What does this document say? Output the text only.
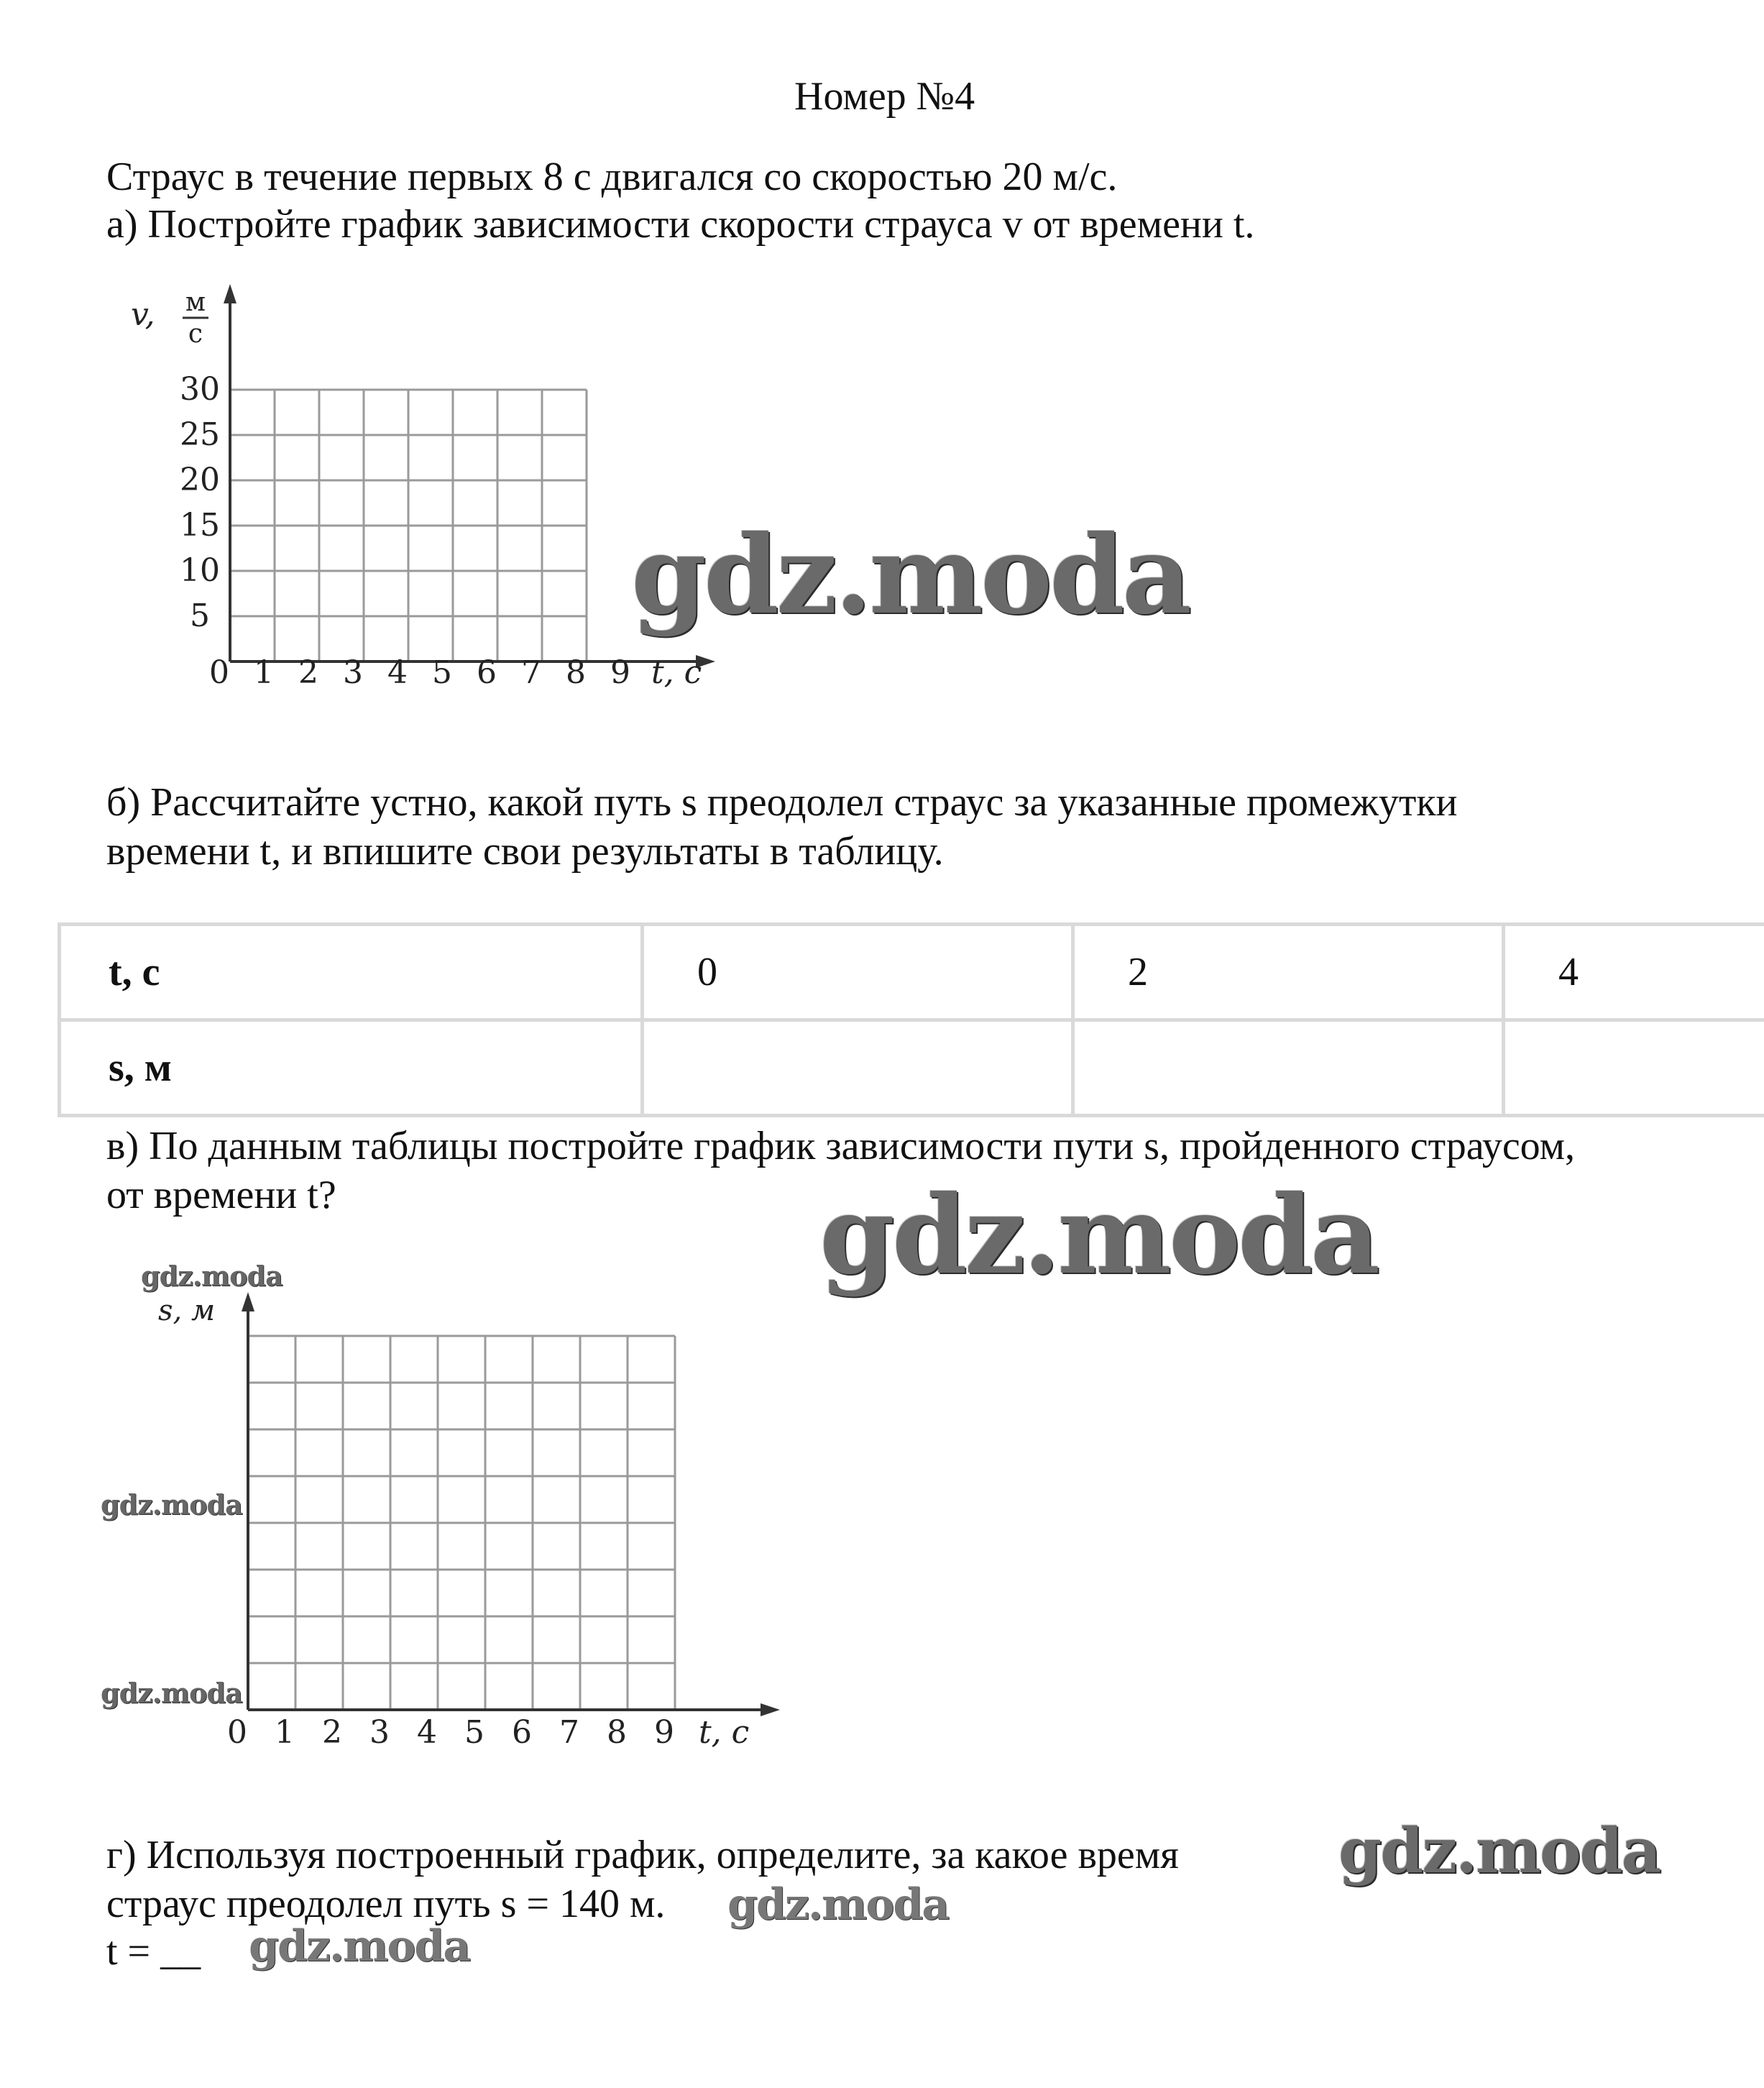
Номер №4
Страус в течение первых 8 с двигался со скоростью 20 м/с.
а) Постройте график зависимости скорости страуса v от времени t.
v, м
с
30
25
20
15
10
5
0 1 2 3 4 5 6 7 8 9 t, с
gdz.moda
б) Рассчитайте устно, какой путь s преодолел страус за указанные промежутки
времени t, и впишите свои результаты в таблицу.
t, с	0	2	4
s, м			
в) По данным таблицы постройте график зависимости пути s, пройденного страусом,
от времени t?	gdz.moda
s, м
0 1 2 3 4 5 6 7 8 9 t, с
gdz.moda
gdz.moda
gdz.moda
г) Используя построенный график, определите, за какое время
страус преодолел путь s = 140 м.
t = __
gdz.moda
gdz.moda
gdz.moda
